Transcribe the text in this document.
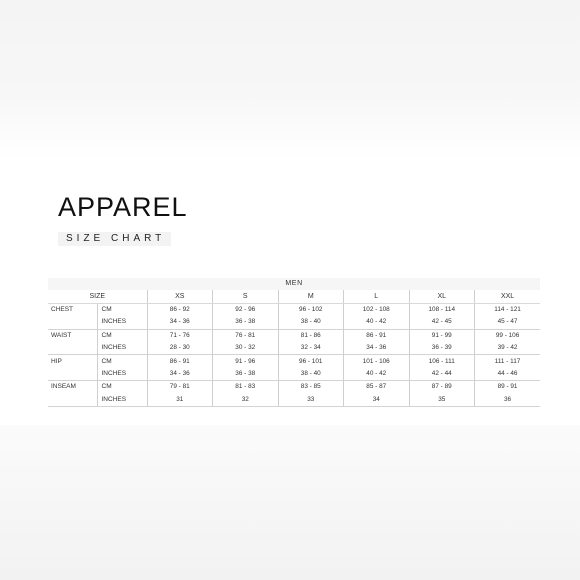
APPAREL
SIZE CHART
MEN							
SIZE		XS	S	M	L	XL	XXL
CHEST	CM	86 - 92	92 - 96	96 - 102	102 - 108	108 - 114	114 - 121
	INCHES	34 - 36	36 - 38	38 - 40	40 - 42	42 - 45	45 - 47
WAIST	CM	71 - 76	76 - 81	81 - 86	86 - 91	91 - 99	99 - 106
	INCHES	28 - 30	30 - 32	32 - 34	34 - 36	36 - 39	39 - 42
HIP	CM	86 - 91	91 - 96	96 - 101	101 - 106	106 - 111	111 - 117
	INCHES	34 - 36	36 - 38	38 - 40	40 - 42	42 - 44	44 - 46
INSEAM	CM	79 - 81	81 - 83	83 - 85	85 - 87	87 - 89	89 - 91
	INCHES	31	32	33	34	35	36
